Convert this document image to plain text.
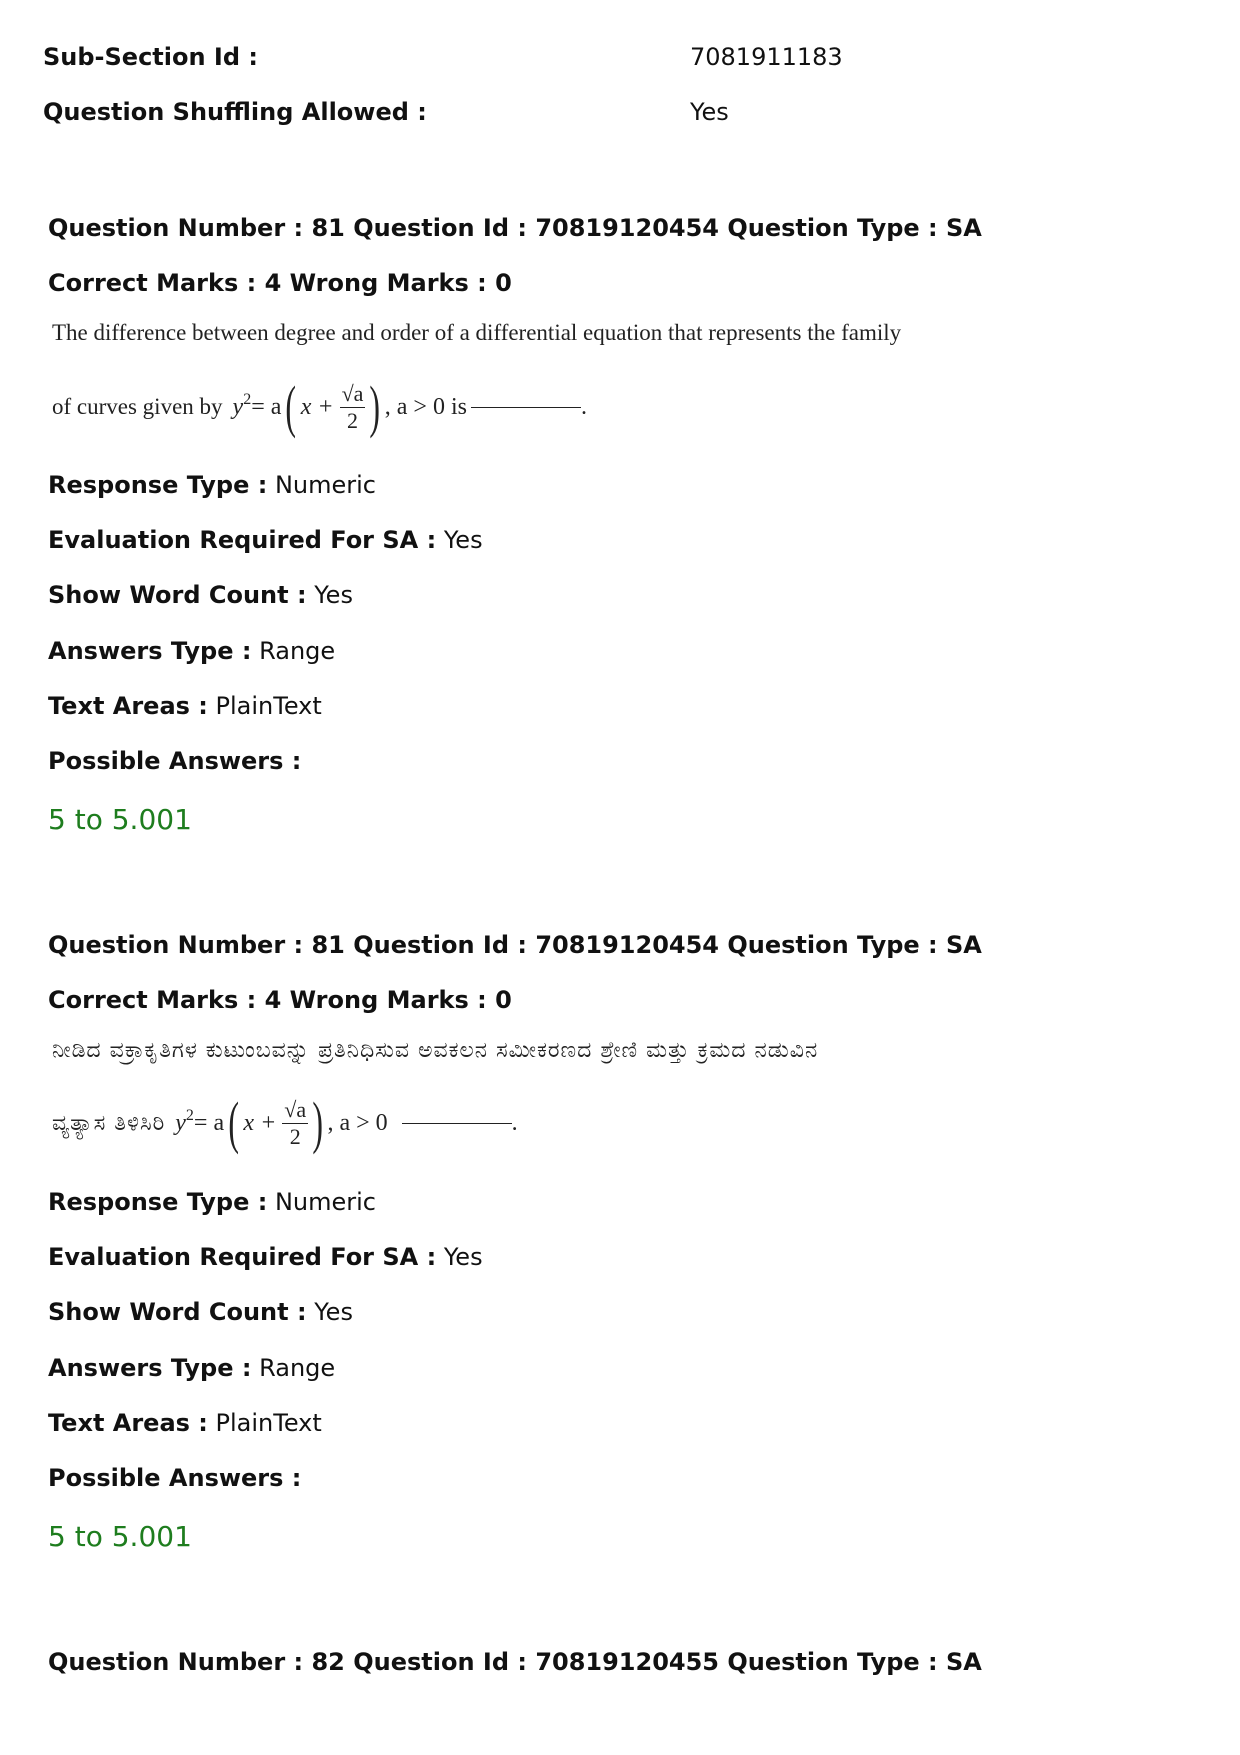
Sub-Section Id :	7081911183
Question Shuffling Allowed :	Yes
Question Number : 81 Question Id : 70819120454 Question Type : SA
Correct Marks : 4 Wrong Marks : 0
The difference between degree and order of a differential equation that represents the family
of curves given by $y^2 = a$ ( $x + \frac{√a}{2}$ ) , a > 0 is	.
Response Type : Numeric
Evaluation Required For SA : Yes
Show Word Count : Yes
Answers Type : Range
Text Areas : PlainText
Possible Answers :
5 to 5.001
Question Number : 81 Question Id : 70819120454 Question Type : SA
Correct Marks : 4 Wrong Marks : 0
ನೀಡಿದ ವಕ್ರಾಕೃತಿಗಳ ಕುಟುಂಬವನ್ನು ಪ್ರತಿನಿಧಿಸುವ ಅವಕಲನ ಸಮೀಕರಣದ ಶ್ರೇಣಿ ಮತ್ತು ಕ್ರಮದ ನಡುವಿನ
ವ್ಯತ್ಯಾಸ ತಿಳಿಸಿರಿ $y^2 = a$ ( $x + \frac{√a}{2}$ ) , a > 0	.
Response Type : Numeric
Evaluation Required For SA : Yes
Show Word Count : Yes
Answers Type : Range
Text Areas : PlainText
Possible Answers :
5 to 5.001
Question Number : 82 Question Id : 70819120455 Question Type : SA
